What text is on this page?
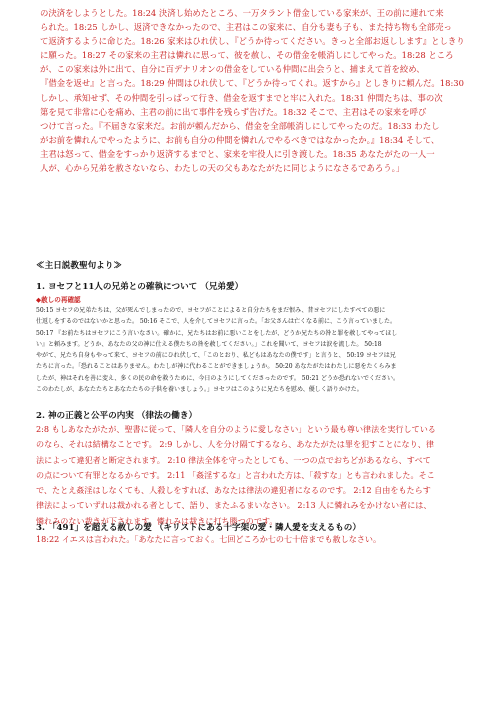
の決済をしようとした。18:24 決済し始めたところ、一万タラント借金している家来が、王の前に連れて来
られた。18:25 しかし、返済できなかったので、主君はこの家来に、自分も妻も子も、また持ち物も全部売っ
て返済するように命じた。18:26 家来はひれ伏し、『どうか待ってください。きっと全部お返しします』としきり
に願った。18:27 その家来の主君は憐れに思って、彼を赦し、その借金を帳消しにしてやった。18:28 ところ
が、この家来は外に出て、自分に百デナリオンの借金をしている仲間に出会うと、捕まえて首を絞め、
『借金を返せ』と言った。18:29 仲間はひれ伏して、『どうか待ってくれ。返すから』としきりに頼んだ。18:30
しかし、承知せず、その仲間を引っぱって行き、借金を返すまでと牢に入れた。18:31 仲間たちは、事の次
第を見て非常に心を痛め、主君の前に出て事件を残らず告げた。18:32 そこで、主君はその家来を呼び
つけて言った。『不届きな家来だ。お前が頼んだから、借金を全部帳消しにしてやったのだ。18:33 わたし
がお前を憐れんでやったように、お前も自分の仲間を憐れんでやるべきではなかったか。』18:34 そして、
主君は怒って、借金をすっかり返済するまでと、家来を牢役人に引き渡した。18:35 あなたがたの一人一
人が、心から兄弟を赦さないなら、わたしの天の父もあなたがたに同じようになさるであろう。」
≪主日説教聖句より≫
1. ヨセフと11人の兄弟との確執について （兄弟愛）
◆赦しの再確認
50:15 ヨセフの兄弟たちは、父が死んでしまったので、ヨセフがことによると自分たちをまだ恨み、昔ヨセフにしたすべての悪に
仕返しをするのではないかと思った。 50:16 そこで、人を介してヨセフに言った。「お父さんは亡くなる前に、こう言っていました。
50:17 『お前たちはヨセフにこう言いなさい。確かに、兄たちはお前に悪いことをしたが、どうか兄たちの咎と罪を赦してやってほし
い』と頼みます。どうか、あなたの父の神に仕える僕たちの咎を赦してください。」これを聞いて、ヨセフは涙を流した。 50:18
やがて、兄たち自身もやって来て、ヨセフの前にひれ伏して、「このとおり、私どもはあなたの僕です」と言うと、 50:19 ヨセフは兄
たちに言った。「恐れることはありません。わたしが神に代わることができましょうか。 50:20 あなたがたはわたしに悪をたくらみま
したが、神はそれを善に変え、多くの民の命を救うために、今日のようにしてくださったのです。 50:21 どうか恐れないでください。
このわたしが、あなたたちとあなたたちの子供を養いましょう。」ヨセフはこのように兄たちを慰め、優しく語りかけた。
2. 神の正義と公平の内実 （律法の働き）
2:8 もしあなたがたが、聖書に従って、「隣人を自分のように愛しなさい」という最も尊い律法を実行している
のなら、それは結構なことです。 2:9 しかし、人を分け隔てするなら、あなたがたは罪を犯すことになり、律
法によって違犯者と断定されます。 2:10 律法全体を守ったとしても、一つの点でおちどがあるなら、すべて
の点について有罪となるからです。 2:11 「姦淫するな」と言われた方は、「殺すな」とも言われました。そこ
で、たとえ姦淫はしなくても、人殺しをすれば、あなたは律法の違犯者になるのです。 2:12 自由をもたらす
律法によっていずれは裁かれる者として、語り、またふるまいなさい。 2:13 人に憐れみをかけない者には、
憐れみのない裁きが下されます。憐れみは裁きに打ち勝つのです。
3. 「491」を超える赦しの愛 （キリストにある十字架の愛・隣人愛を支えるもの）
18:22 イエスは言われた。「あなたに言っておく。七回どころか七の七十倍までも赦しなさい。
